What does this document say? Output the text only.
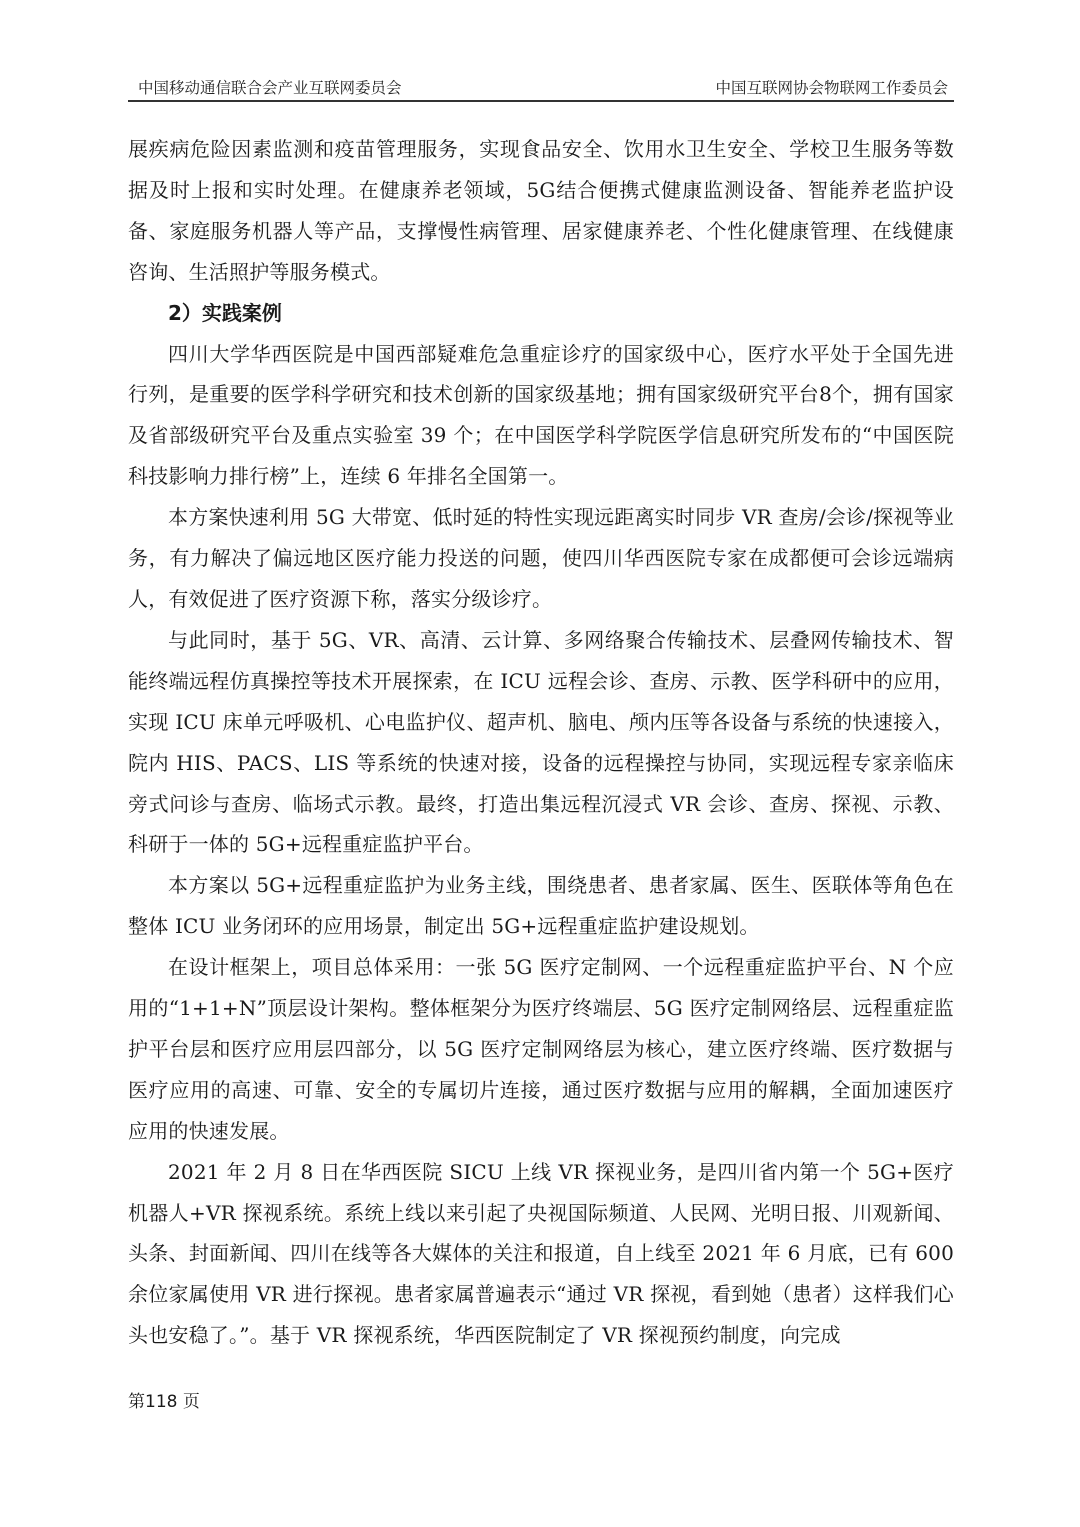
中国移动通信联合会产业互联网委员会	中国互联网协会物联网工作委员会

展疾病危险因素监测和疫苗管理服务，实现食品安全、饮用水卫生安全、学校卫生服务等数据及时上报和实时处理。在健康养老领域，5G结合便携式健康监测设备、智能养老监护设备、家庭服务机器人等产品，支撑慢性病管理、居家健康养老、个性化健康管理、在线健康咨询、生活照护等服务模式。

2）实践案例

四川大学华西医院是中国西部疑难危急重症诊疗的国家级中心，医疗水平处于全国先进行列，是重要的医学科学研究和技术创新的国家级基地；拥有国家级研究平台8个，拥有国家及省部级研究平台及重点实验室 39 个；在中国医学科学院医学信息研究所发布的“中国医院科技影响力排行榜”上，连续 6 年排名全国第一。

本方案快速利用 5G 大带宽、低时延的特性实现远距离实时同步 VR 查房/会诊/探视等业务，有力解决了偏远地区医疗能力投送的问题，使四川华西医院专家在成都便可会诊远端病人，有效促进了医疗资源下称，落实分级诊疗。

与此同时，基于 5G、VR、高清、云计算、多网络聚合传输技术、层叠网传输技术、智能终端远程仿真操控等技术开展探索，在 ICU 远程会诊、查房、示教、医学科研中的应用，实现 ICU 床单元呼吸机、心电监护仪、超声机、脑电、颅内压等各设备与系统的快速接入，院内 HIS、PACS、LIS 等系统的快速对接，设备的远程操控与协同，实现远程专家亲临床旁式问诊与查房、临场式示教。最终，打造出集远程沉浸式 VR 会诊、查房、探视、示教、科研于一体的 5G+远程重症监护平台。

本方案以 5G+远程重症监护为业务主线，围绕患者、患者家属、医生、医联体等角色在整体 ICU 业务闭环的应用场景，制定出 5G+远程重症监护建设规划。

在设计框架上，项目总体采用：一张 5G 医疗定制网、一个远程重症监护平台、N 个应用的“1+1+N”顶层设计架构。整体框架分为医疗终端层、5G 医疗定制网络层、远程重症监护平台层和医疗应用层四部分，以 5G 医疗定制网络层为核心，建立医疗终端、医疗数据与医疗应用的高速、可靠、安全的专属切片连接，通过医疗数据与应用的解耦，全面加速医疗应用的快速发展。

2021 年 2 月 8 日在华西医院 SICU 上线 VR 探视业务，是四川省内第一个 5G+医疗机器人+VR 探视系统。系统上线以来引起了央视国际频道、人民网、光明日报、川观新闻、头条、封面新闻、四川在线等各大媒体的关注和报道，自上线至 2021 年 6 月底，已有 600 余位家属使用 VR 进行探视。患者家属普遍表示“通过 VR 探视，看到她（患者）这样我们心头也安稳了。”。基于 VR 探视系统，华西医院制定了 VR 探视预约制度，向完成

第118 页
